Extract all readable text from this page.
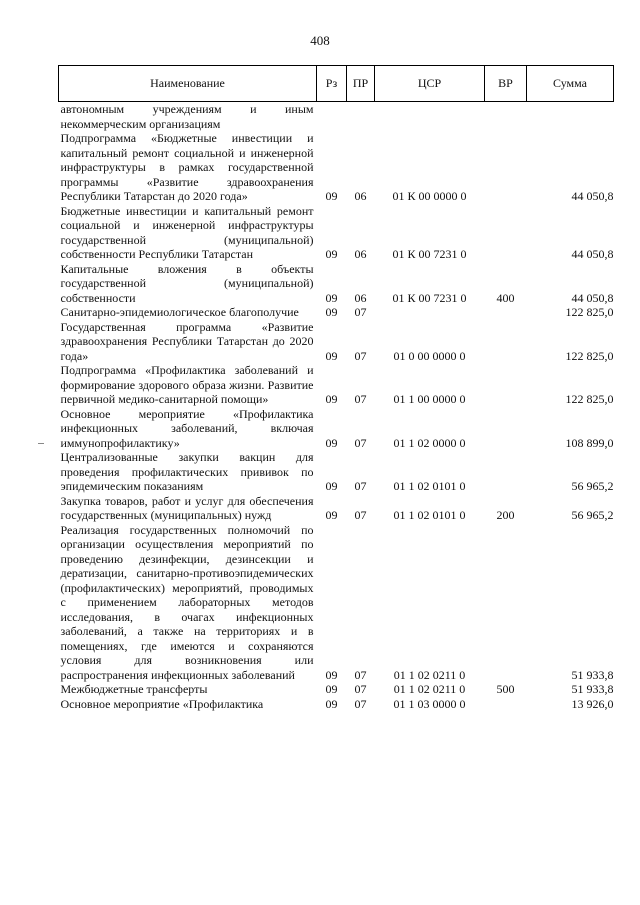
408
Наименование	Рз	ПР	ЦСР	ВР	Сумма
автономным учреждениям и иным некоммерческим организациям					
Подпрограмма «Бюджетные инвестиции и капитальный ремонт социальной и инженерной инфраструктуры в рамках государственной программы «Развитие здравоохранения Республики Татарстан до 2020 года»	09	06	01 К 00 0000 0		44 050,8
Бюджетные инвестиции и капитальный ремонт социальной и инженерной инфраструктуры государственной (муниципальной) собственности Республики Татарстан	09	06	01 К 00 7231 0		44 050,8
Капитальные вложения в объекты государственной (муниципальной) собственности	09	06	01 К 00 7231 0	400	44 050,8
Санитарно-эпидемиологическое благополучие	09	07			122 825,0
Государственная программа «Развитие здравоохранения Республики Татарстан до 2020 года»	09	07	01 0 00 0000 0		122 825,0
Подпрограмма «Профилактика заболеваний и формирование здорового образа жизни. Развитие первичной медико-санитарной помощи»	09	07	01 1 00 0000 0		122 825,0
Основное мероприятие «Профилактика инфекционных заболеваний, включая иммунопрофилактику»	09	07	01 1 02 0000 0		108 899,0
Централизованные закупки вакцин для проведения профилактических прививок по эпидемическим показаниям	09	07	01 1 02 0101 0		56 965,2
Закупка товаров, работ и услуг для обеспечения государственных (муниципальных) нужд	09	07	01 1 02 0101 0	200	56 965,2
Реализация государственных полномочий по организации осуществления мероприятий по проведению дезинфекции, дезинсекции и дератизации, санитарно-противоэпидемических (профилактических) мероприятий, проводимых с применением лабораторных методов исследования, в очагах инфекционных заболеваний, а также на территориях и в помещениях, где имеются и сохраняются условия для возникновения или распространения инфекционных заболеваний	09	07	01 1 02 0211 0		51 933,8
Межбюджетные трансферты	09	07	01 1 02 0211 0	500	51 933,8
Основное мероприятие «Профилактика	09	07	01 1 03 0000 0		13 926,0
